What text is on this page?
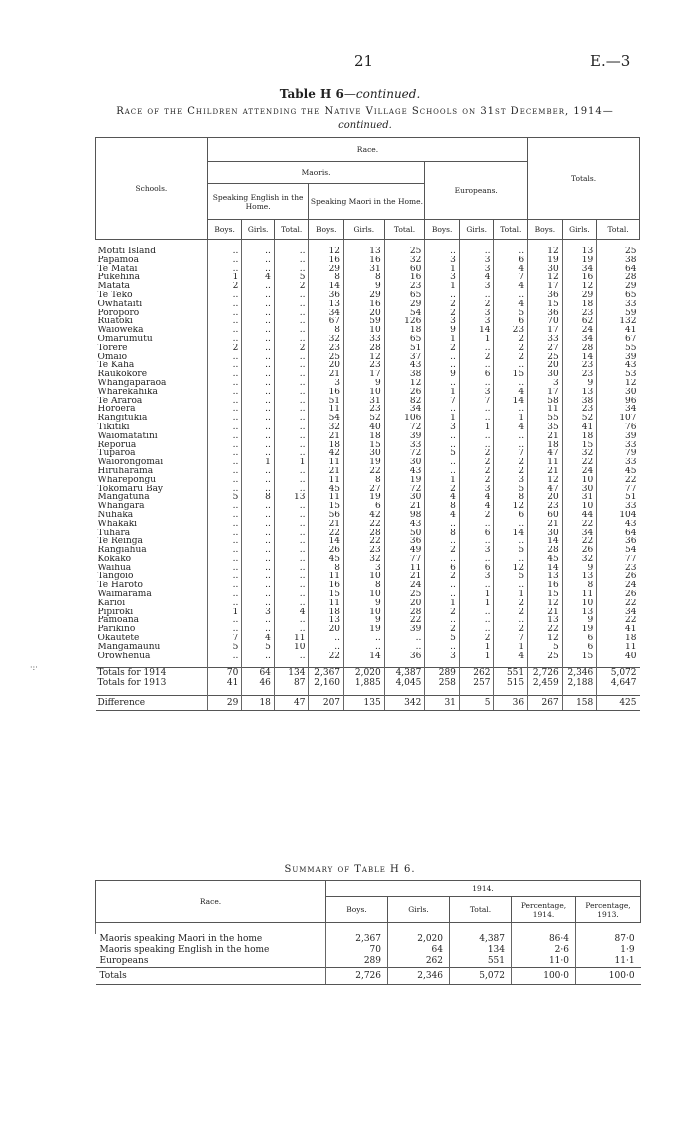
21	E.—3
Table H 6—continued.
Race of the Children attending the Native Village Schools on 31st December, 1914—
continued.
Schools.	Race.									Totals.		
	Maoris.						Europeans.					
	Speaking English in the Home.			Speaking Maori in the Home.								
	Boys.	Girls.	Total.	Boys.	Girls.	Total.	Boys.	Girls.	Total.	Boys.	Girls.	Total.

Motiti Island	..	..	..	12	13	25	..	..	..	12	13	25
Papamoa	..	..	..	16	16	32	3	3	6	19	19	38
Te Matai	..	..	..	29	31	60	1	3	4	30	34	64
Pukehina	1	4	5	8	8	16	3	4	7	12	16	28
Matata	2	..	2	14	9	23	1	3	4	17	12	29
Te Teko	..	..	..	36	29	65	..	..	..	36	29	65
Owhataiti	..	..	..	13	16	29	2	2	4	15	18	33
Poroporo	..	..	..	34	20	54	2	3	5	36	23	59
Ruatoki	..	..	..	67	59	126	3	3	6	70	62	132
Waioweka	..	..	..	8	10	18	9	14	23	17	24	41
Omarumutu	..	..	..	32	33	65	1	1	2	33	34	67
Torere	2	..	2	23	28	51	2	..	2	27	28	55
Omaio	..	..	..	25	12	37	..	2	2	25	14	39
Te Kaha	..	..	..	20	23	43	..	..	..	20	23	43
Raukokore	..	..	..	21	17	38	9	6	15	30	23	53
Whangaparaoa	..	..	..	3	9	12	..	..	..	3	9	12
Wharekahika	..	..	..	16	10	26	1	3	4	17	13	30
Te Araroa	..	..	..	51	31	82	7	7	14	58	38	96
Horoera	..	..	..	11	23	34	..	..	..	11	23	34
Rangitukia	..	..	..	54	52	106	1	..	1	55	52	107
Tikitiki	..	..	..	32	40	72	3	1	4	35	41	76
Waiomatatini	..	..	..	21	18	39	..	..	..	21	18	39
Reporua	..	..	..	18	15	33	..	..	..	18	15	33
Tuparoa	..	..	..	42	30	72	5	2	7	47	32	79
Waiorongomai	..	1	1	11	19	30	..	2	2	11	22	33
Hiruharama	..	..	..	21	22	43	..	2	2	21	24	45
Wharepongu	..	..	..	11	8	19	1	2	3	12	10	22
Tokomaru Bay	..	..	..	45	27	72	2	3	5	47	30	77
Mangatuna	5	8	13	11	19	30	4	4	8	20	31	51
Whangara	..	..	..	15	6	21	8	4	12	23	10	33
Nuhaka	..	..	..	56	42	98	4	2	6	60	44	104
Whakaki	..	..	..	21	22	43	..	..	..	21	22	43
Tuhara	..	..	..	22	28	50	8	6	14	30	34	64
Te Reinga	..	..	..	14	22	36	..	..	..	14	22	36
Rangiahua	..	..	..	26	23	49	2	3	5	28	26	54
Kokako	..	..	..	45	32	77	..	..	..	45	32	77
Waihua	..	..	..	8	3	11	6	6	12	14	9	23
Tangoio	..	..	..	11	10	21	2	3	5	13	13	26
Te Haroto	..	..	..	16	8	24	..	..	..	16	8	24
Waimarama	..	..	..	15	10	25	..	1	1	15	11	26
Karioi	..	..	..	11	9	20	1	1	2	12	10	22
Pipiroki	1	3	4	18	10	28	2	..	2	21	13	34
Pamoana	..	..	..	13	9	22	..	..	..	13	9	22
Parikino	..	..	..	20	19	39	2	..	2	22	19	41
Okautete	7	4	11	..	..	..	5	2	7	12	6	18
Mangamaunu	5	5	10	..	..	..	..	1	1	5	6	11
Orowhenua	..	..	..	22	14	36	3	1	4	25	15	40

Totals for 1914	70	64	134	2,367	2,020	4,387	289	262	551	2,726	2,346	5,072
Totals for 1913	41	46	87	2,160	1,885	4,045	258	257	515	2,459	2,188	4,647

Difference	29	18	47	207	135	342	31	5	36	267	158	425
Summary of Table H 6.
Race.	1914.				
	Boys.	Girls.	Total.	Percentage, 1914.	Percentage, 1913.

Maoris speaking Maori in the home	2,367	2,020	4,387	86·4	87·0
Maoris speaking English in the home	70	64	134	2·6	1·9
Europeans	289	262	551	11·0	11·1
Totals	2,726	2,346	5,072	100·0	100·0
·:·
